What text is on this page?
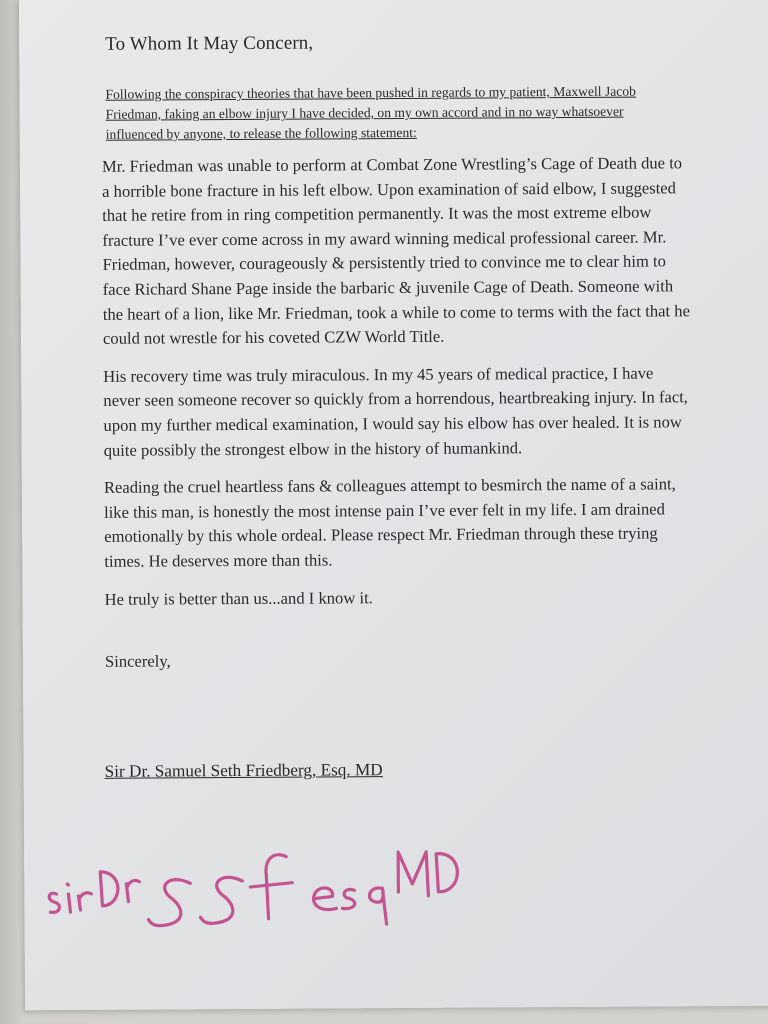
To Whom It May Concern,

Following the conspiracy theories that have been pushed in regards to my patient, Maxwell Jacob Friedman, faking an elbow injury I have decided, on my own accord and in no way whatsoever influenced by anyone, to release the following statement:

Mr. Friedman was unable to perform at Combat Zone Wrestling’s Cage of Death due to a horrible bone fracture in his left elbow. Upon examination of said elbow, I suggested that he retire from in ring competition permanently. It was the most extreme elbow fracture I’ve ever come across in my award winning medical professional career. Mr. Friedman, however, courageously & persistently tried to convince me to clear him to face Richard Shane Page inside the barbaric & juvenile Cage of Death. Someone with the heart of a lion, like Mr. Friedman, took a while to come to terms with the fact that he could not wrestle for his coveted CZW World Title.

His recovery time was truly miraculous. In my 45 years of medical practice, I have never seen someone recover so quickly from a horrendous, heartbreaking injury. In fact, upon my further medical examination, I would say his elbow has over healed. It is now quite possibly the strongest elbow in the history of humankind.

Reading the cruel heartless fans & colleagues attempt to besmirch the name of a saint, like this man, is honestly the most intense pain I’ve ever felt in my life. I am drained emotionally by this whole ordeal. Please respect Mr. Friedman through these trying times. He deserves more than this.

He truly is better than us...and I know it.

Sincerely,

Sir Dr. Samuel Seth Friedberg, Esq. MD
